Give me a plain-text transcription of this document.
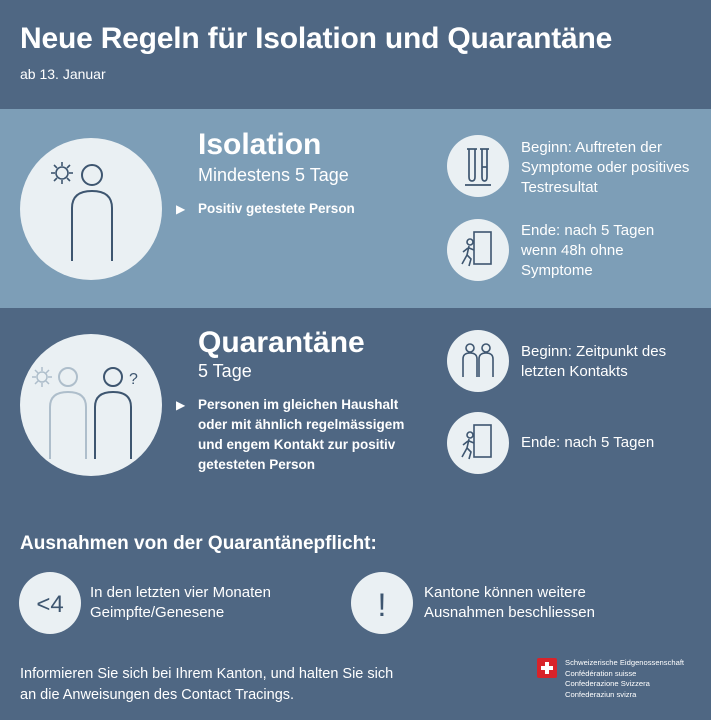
Neue Regeln für Isolation und Quarantäne
ab 13. Januar
Isolation
Mindestens 5 Tage
▶ Positiv getestete Person
Beginn: Auftreten der Symptome oder positives Testresultat
Ende: nach 5 Tagen wenn 48h ohne Symptome
?
Quarantäne
5 Tage
▶ Personen im gleichen Haushalt oder mit ähnlich regelmässigem und engem Kontakt zur positiv getesteten Person
Beginn: Zeitpunkt des letzten Kontakts
Ende: nach 5 Tagen
Ausnahmen von der Quarantänepflicht:
<4 In den letzten vier Monaten Geimpfte/Genesene	!	Kantone können weitere Ausnahmen beschliessen
Informieren Sie sich bei Ihrem Kanton, und halten Sie sich an die Anweisungen des Contact Tracings.
Schweizerische Eidgenossenschaft
Confédération suisse
Confederazione Svizzera
Confederaziun svizra
